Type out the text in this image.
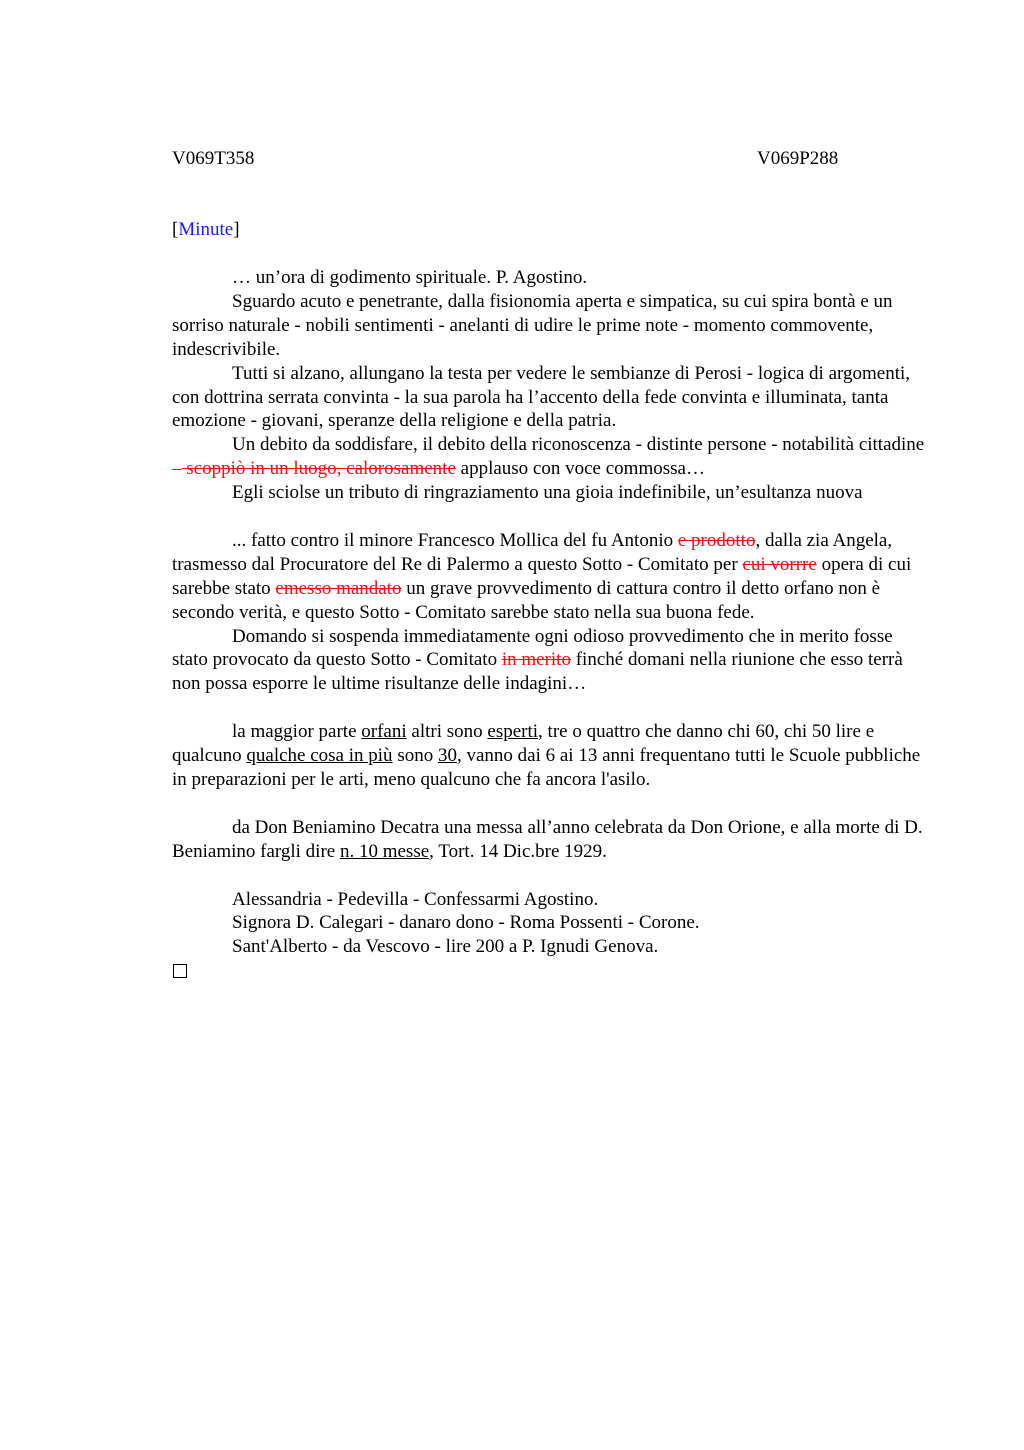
V069T358	V069P288
[Minute]

… un’ora di godimento spirituale. P. Agostino.

Sguardo acuto e penetrante, dalla fisionomia aperta e simpatica, su cui spira bontà e un sorriso naturale - nobili sentimenti - anelanti di udire le prime note - momento commovente, indescrivibile.

Tutti si alzano, allungano la testa per vedere le sembianze di Perosi - logica di argomenti, con dottrina serrata convinta - la sua parola ha l’accento della fede convinta e illuminata, tanta emozione - giovani, speranze della religione e della patria.

Un debito da soddisfare, il debito della riconoscenza - distinte persone - notabilità cittadine – scoppiò in un luogo, calorosamente applauso con voce commossa…

Egli sciolse un tributo di ringraziamento una gioia indefinibile, un’esultanza nuova

... fatto contro il minore Francesco Mollica del fu Antonio e prodotto, dalla zia Angela, trasmesso dal Procuratore del Re di Palermo a questo Sotto - Comitato per cui vorrre opera di cui sarebbe stato emesso mandato un grave provvedimento di cattura contro il detto orfano non è secondo verità, e questo Sotto - Comitato sarebbe stato nella sua buona fede.

Domando si sospenda immediatamente ogni odioso provvedimento che in merito fosse stato provocato da questo Sotto - Comitato in merito finché domani nella riunione che esso terrà non possa esporre le ultime risultanze delle indagini…

la maggior parte orfani altri sono esperti, tre o quattro che danno chi 60, chi 50 lire e qualcuno qualche cosa in più sono 30, vanno dai 6 ai 13 anni frequentano tutti le Scuole pubbliche in preparazioni per le arti, meno qualcuno che fa ancora l'asilo.

da Don Beniamino Decatra una messa all’anno celebrata da Don Orione, e alla morte di D. Beniamino fargli dire n. 10 messe, Tort. 14 Dic.bre 1929.

Alessandria - Pedevilla - Confessarmi Agostino.

Signora D. Calegari - danaro dono - Roma Possenti - Corone.

Sant'Alberto - da Vescovo - lire 200 a P. Ignudi Genova.
